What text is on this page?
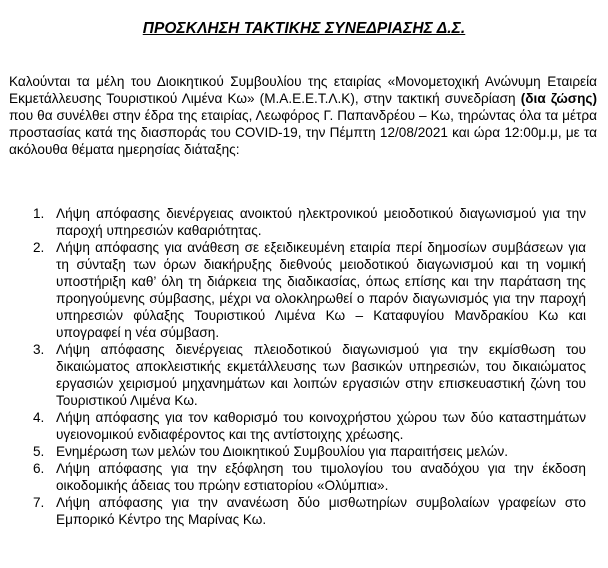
ΠΡΟΣΚΛΗΣΗ ΤΑΚΤΙΚΗΣ ΣΥΝΕΔΡΙΑΣΗΣ Δ.Σ.

Καλούνται τα μέλη του Διοικητικού Συμβουλίου της εταιρίας «Μονομετοχική Ανώνυμη Εταιρεία Εκμετάλλευσης Τουριστικού Λιμένα Κω» (Μ.Α.Ε.Ε.Τ.Λ.Κ), στην τακτική συνεδρίαση (δια ζώσης) που θα συνέλθει στην έδρα της εταιρίας, Λεωφόρος Γ. Παπανδρέου – Κω, τηρώντας όλα τα μέτρα προστασίας κατά της διασποράς του COVID-19, την Πέμπτη 12/08/2021 και ώρα 12:00μ.μ, με τα ακόλουθα θέματα ημερησίας διάταξης:

1. Λήψη απόφασης διενέργειας ανοικτού ηλεκτρονικού μειοδοτικού διαγωνισμού για την παροχή υπηρεσιών καθαριότητας.
2. Λήψη απόφασης για ανάθεση σε εξειδικευμένη εταιρία περί δημοσίων συμβάσεων για τη σύνταξη των όρων διακήρυξης διεθνούς μειοδοτικού διαγωνισμού και τη νομική υποστήριξη καθ’ όλη τη διάρκεια της διαδικασίας, όπως επίσης και την παράταση της προηγούμενης σύμβασης, μέχρι να ολοκληρωθεί ο παρόν διαγωνισμός για την παροχή υπηρεσιών φύλαξης Τουριστικού Λιμένα Κω – Καταφυγίου Μανδρακίου Κω και υπογραφεί η νέα σύμβαση.
3. Λήψη απόφασης διενέργειας πλειοδοτικού διαγωνισμού για την εκμίσθωση του δικαιώματος αποκλειστικής εκμετάλλευσης των βασικών υπηρεσιών, του δικαιώματος εργασιών χειρισμού μηχανημάτων και λοιπών εργασιών στην επισκευαστική ζώνη του Τουριστικού Λιμένα Κω.
4. Λήψη απόφασης για τον καθορισμό του κοινοχρήστου χώρου των δύο καταστημάτων υγειονομικού ενδιαφέροντος και της αντίστοιχης χρέωσης.
5. Ενημέρωση των μελών του Διοικητικού Συμβουλίου για παραιτήσεις μελών.
6. Λήψη απόφασης για την εξόφληση του τιμολογίου του αναδόχου για την έκδοση οικοδομικής άδειας του πρώην εστιατορίου «Ολύμπια».
7. Λήψη απόφασης για την ανανέωση δύο μισθωτηρίων συμβολαίων γραφείων στο Εμπορικό Κέντρο της Μαρίνας Κω.
